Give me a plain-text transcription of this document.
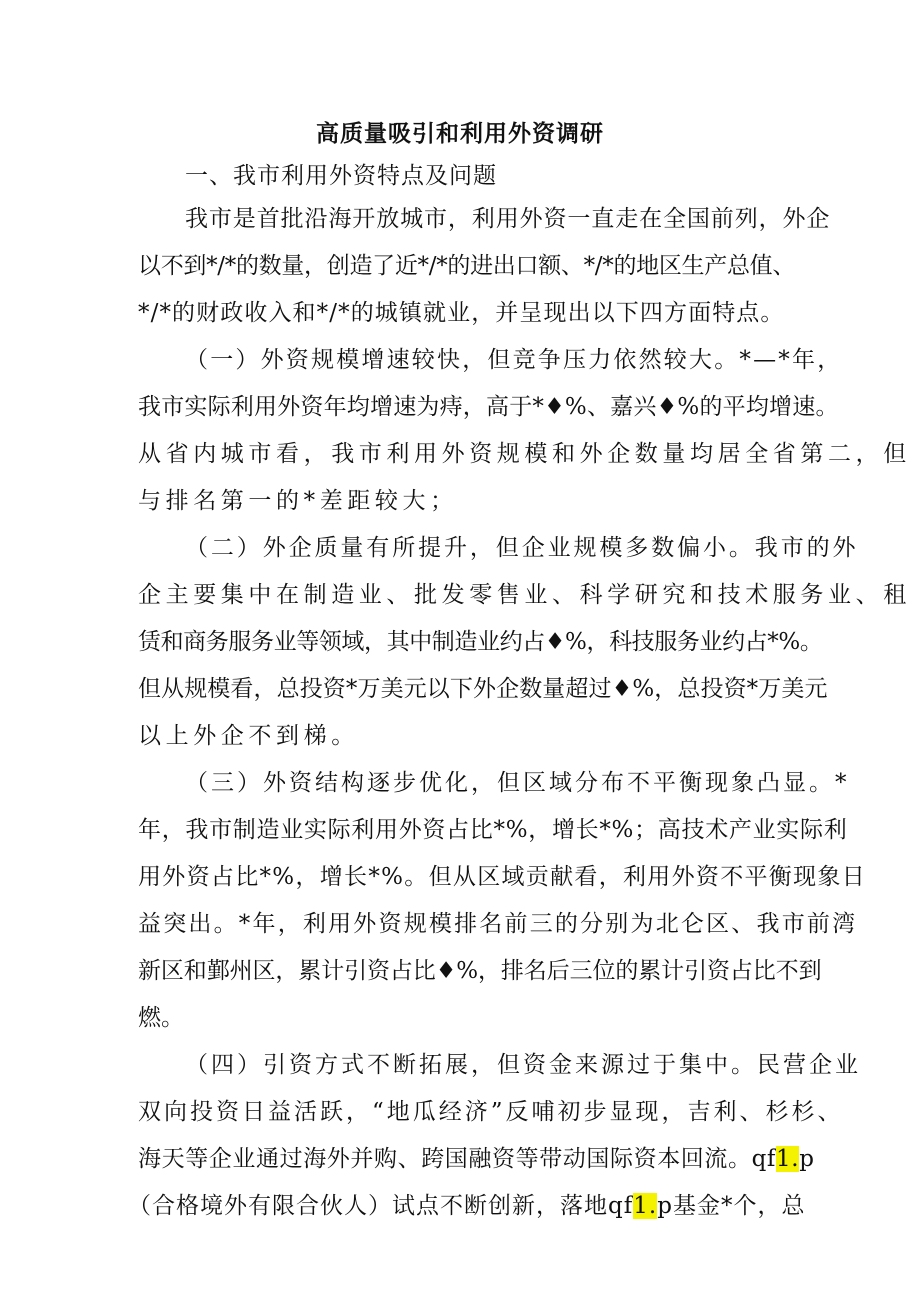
高质量吸引和利用外资调研
一、我市利用外资特点及问题
我市是首批沿海开放城市，利用外资一直走在全国前列，外企
以不到*/*的数量，创造了近*/*的进出口额、*/*的地区生产总值、
*/*的财政收入和*/*的城镇就业，并呈现出以下四方面特点。
（一）外资规模增速较快，但竞争压力依然较大。*—*年，
我市实际利用外资年均增速为痔，高于*♦%、嘉兴♦%的平均增速。
从省内城市看，我市利用外资规模和外企数量均居全省第二，但
与排名第一的*差距较大；
（二）外企质量有所提升，但企业规模多数偏小。我市的外
企主要集中在制造业、批发零售业、科学研究和技术服务业、租
赁和商务服务业等领域，其中制造业约占♦%，科技服务业约占*%。
但从规模看，总投资*万美元以下外企数量超过♦%，总投资*万美元
以上外企不到梯。
（三）外资结构逐步优化，但区域分布不平衡现象凸显。*
年，我市制造业实际利用外资占比*%，增长*%；高技术产业实际利
用外资占比*%，增长*%。但从区域贡献看，利用外资不平衡现象日
益突出。*年，利用外资规模排名前三的分别为北仑区、我市前湾
新区和鄞州区，累计引资占比♦%，排名后三位的累计引资占比不到
燃。
（四）引资方式不断拓展，但资金来源过于集中。民营企业
双向投资日益活跃，“地瓜经济”反哺初步显现，吉利、杉杉、
海天等企业通过海外并购、跨国融资等带动国际资本回流。qf1.p
（合格境外有限合伙人）试点不断创新，落地qf1.p基金*个，总
